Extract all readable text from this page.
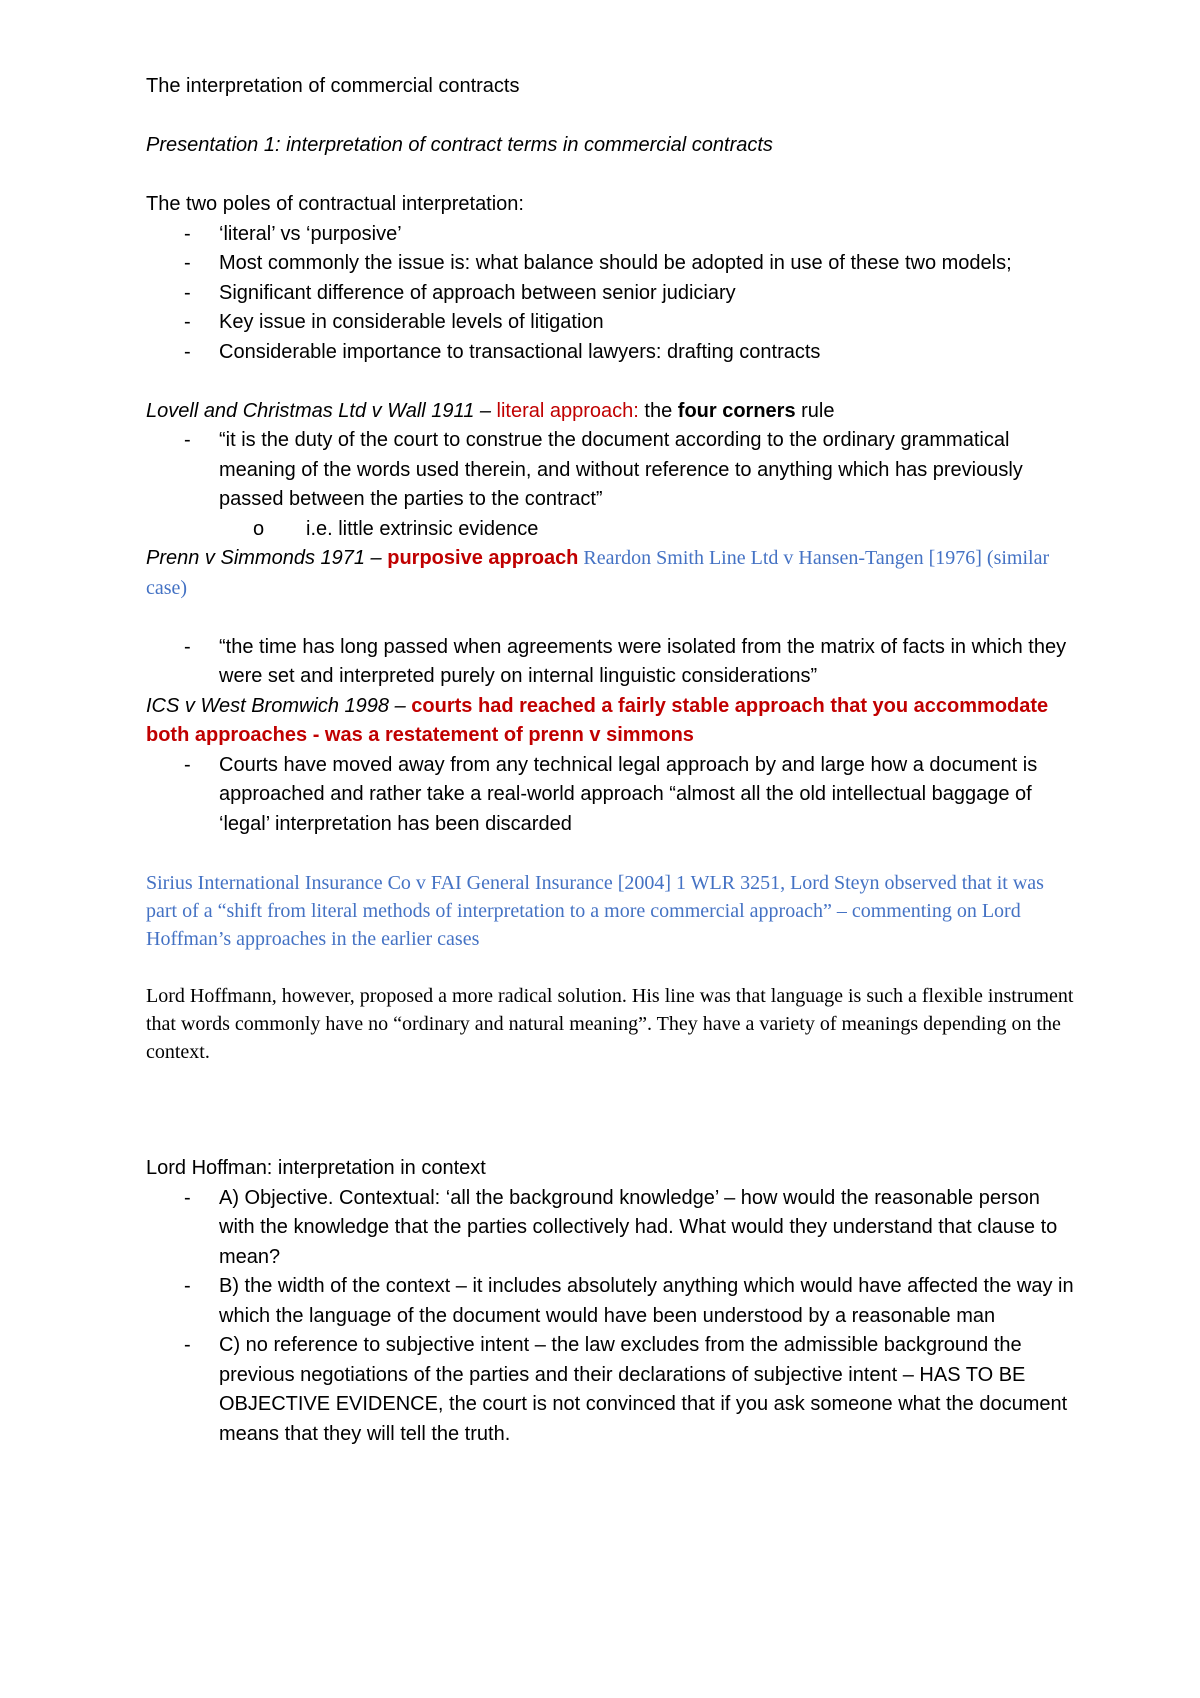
The interpretation of commercial contracts

Presentation 1: interpretation of contract terms in commercial contracts

The two poles of contractual interpretation:

- ‘literal’ vs ‘purposive’
- Most commonly the issue is: what balance should be adopted in use of these two models;
- Significant difference of approach between senior judiciary
- Key issue in considerable levels of litigation
- Considerable importance to transactional lawyers: drafting contracts

Lovell and Christmas Ltd v Wall 1911 – literal approach: the four corners rule

- “it is the duty of the court to construe the document according to the ordinary grammatical meaning of the words used therein, and without reference to anything which has previously passed between the parties to the contract”
o i.e. little extrinsic evidence

Prenn v Simmonds 1971 – purposive approach Reardon Smith Line Ltd v Hansen-Tangen [1976] (similar case)

- “the time has long passed when agreements were isolated from the matrix of facts in which they were set and interpreted purely on internal linguistic considerations”

ICS v West Bromwich 1998 – courts had reached a fairly stable approach that you accommodate both approaches - was a restatement of prenn v simmons

- Courts have moved away from any technical legal approach by and large how a document is approached and rather take a real-world approach “almost all the old intellectual baggage of ‘legal’ interpretation has been discarded

Sirius International Insurance Co v FAI General Insurance [2004] 1 WLR 3251, Lord Steyn observed that it was part of a “shift from literal methods of interpretation to a more commercial approach” – commenting on Lord Hoffman’s approaches in the earlier cases

Lord Hoffmann, however, proposed a more radical solution. His line was that language is such a flexible instrument that words commonly have no “ordinary and natural meaning”. They have a variety of meanings depending on the context.

Lord Hoffman: interpretation in context

- A) Objective. Contextual: ‘all the background knowledge’ – how would the reasonable person with the knowledge that the parties collectively had. What would they understand that clause to mean?
- B) the width of the context – it includes absolutely anything which would have affected the way in which the language of the document would have been understood by a reasonable man
- C) no reference to subjective intent – the law excludes from the admissible background the previous negotiations of the parties and their declarations of subjective intent – HAS TO BE OBJECTIVE EVIDENCE, the court is not convinced that if you ask someone what the document means that they will tell the truth.
